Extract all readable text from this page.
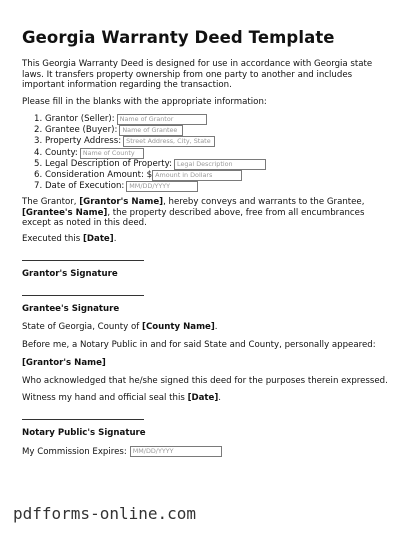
Georgia Warranty Deed Template

This Georgia Warranty Deed is designed for use in accordance with Georgia state laws. It transfers property ownership from one party to another and includes important information regarding the transaction.

Please fill in the blanks with the appropriate information:

1.
Grantor (Seller): Name of Grantor
2.
Grantee (Buyer): Name of Grantee
3.
Property Address: Street Address, City, State
4.
County: Name of County
5.
Legal Description of Property: Legal Description
6.
Consideration Amount: $ Amount in Dollars
7.
Date of Execution: MM/DD/YYYY

The Grantor, [Grantor's Name], hereby conveys and warrants to the Grantee, [Grantee's Name], the property described above, free from all encumbrances except as noted in this deed.

Executed this [Date].

Grantor's Signature

Grantee's Signature

State of Georgia, County of [County Name].

Before me, a Notary Public in and for said State and County, personally appeared:

[Grantor's Name]

Who acknowledged that he/she signed this deed for the purposes therein expressed.

Witness my hand and official seal this [Date].

Notary Public's Signature

My Commission Expires: MM/DD/YYYY

pdfforms-online.com
